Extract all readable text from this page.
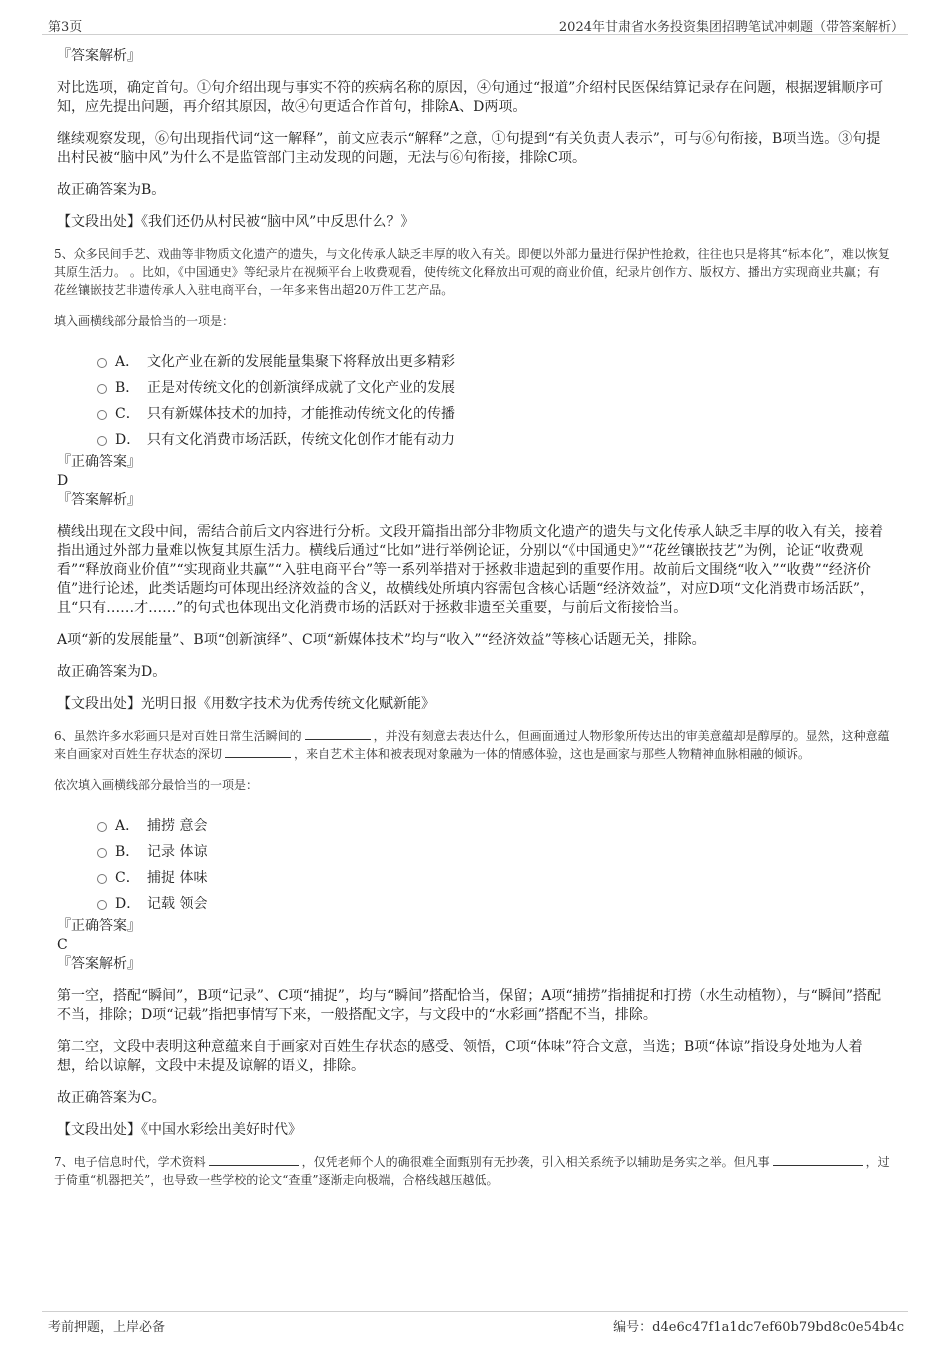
第3页	2024年甘肃省水务投资集团招聘笔试冲刺题（带答案解析）
『答案解析』
对比选项，确定首句。①句介绍出现与事实不符的疾病名称的原因，④句通过“报道”介绍村民医保结算记录存在问题，根据逻辑顺序可知，应先提出问题，再介绍其原因，故④句更适合作首句，排除A、D两项。
继续观察发现，⑥句出现指代词“这一解释”，前文应表示“解释”之意，①句提到“有关负责人表示”，可与⑥句衔接，B项当选。③句提出村民被“脑中风”为什么不是监管部门主动发现的问题，无法与⑥句衔接，排除C项。
故正确答案为B。
【文段出处】《我们还仍从村民被“脑中风”中反思什么？》
5、众多民间手艺、戏曲等非物质文化遗产的遗失，与文化传承人缺乏丰厚的收入有关。即便以外部力量进行保护性抢救，往往也只是将其“标本化”，难以恢复其原生活力。 。比如，《中国通史》等纪录片在视频平台上收费观看，使传统文化释放出可观的商业价值，纪录片创作方、版权方、播出方实现商业共赢；有花丝镶嵌技艺非遗传承人入驻电商平台，一年多来售出超20万件工艺产品。
填入画横线部分最恰当的一项是：
A． 文化产业在新的发展能量集聚下将释放出更多精彩
B． 正是对传统文化的创新演绎成就了文化产业的发展
C． 只有新媒体技术的加持，才能推动传统文化的传播
D． 只有文化消费市场活跃，传统文化创作才能有动力
『正确答案』
D
『答案解析』
横线出现在文段中间，需结合前后文内容进行分析。文段开篇指出部分非物质文化遗产的遗失与文化传承人缺乏丰厚的收入有关，接着指出通过外部力量难以恢复其原生活力。横线后通过“比如”进行举例论证，分别以“《中国通史》”“花丝镶嵌技艺”为例，论证“收费观看”“释放商业价值”“实现商业共赢”“入驻电商平台”等一系列举措对于拯救非遗起到的重要作用。故前后文围绕“收入”“收费”“经济价值”进行论述，此类话题均可体现出经济效益的含义，故横线处所填内容需包含核心话题“经济效益”，对应D项“文化消费市场活跃”，且“只有……才……”的句式也体现出文化消费市场的活跃对于拯救非遗至关重要，与前后文衔接恰当。
A项“新的发展能量”、B项“创新演绎”、C项“新媒体技术”均与“收入”“经济效益”等核心话题无关，排除。
故正确答案为D。
【文段出处】光明日报《用数字技术为优秀传统文化赋新能》
6、虽然许多水彩画只是对百姓日常生活瞬间的	，并没有刻意去表达什么，但画面通过人物形象所传达出的审美意蕴却是醇厚的。显然，这种意蕴来自画家对百姓生存状态的深切	，来自艺术主体和被表现对象融为一体的情感体验，这也是画家与那些人物精神血脉相融的倾诉。
依次填入画横线部分最恰当的一项是：
A． 捕捞 意会
B． 记录 体谅
C． 捕捉 体味
D． 记载 领会
『正确答案』
C
『答案解析』
第一空，搭配“瞬间”，B项“记录”、C项“捕捉”，均与“瞬间”搭配恰当，保留；A项“捕捞”指捕捉和打捞（水生动植物），与“瞬间”搭配不当，排除；D项“记载”指把事情写下来，一般搭配文字，与文段中的“水彩画”搭配不当，排除。
第二空，文段中表明这种意蕴来自于画家对百姓生存状态的感受、领悟，C项“体味”符合文意，当选；B项“体谅”指设身处地为人着想，给以谅解，文段中未提及谅解的语义，排除。
故正确答案为C。
【文段出处】《中国水彩绘出美好时代》
7、电子信息时代，学术资料	，仅凭老师个人的确很难全面甄别有无抄袭，引入相关系统予以辅助是务实之举。但凡事	，过于倚重“机器把关”，也导致一些学校的论文“查重”逐渐走向极端，合格线越压越低。
考前押题，上岸必备	编号：d4e6c47f1a1dc7ef60b79bd8c0e54b4c
